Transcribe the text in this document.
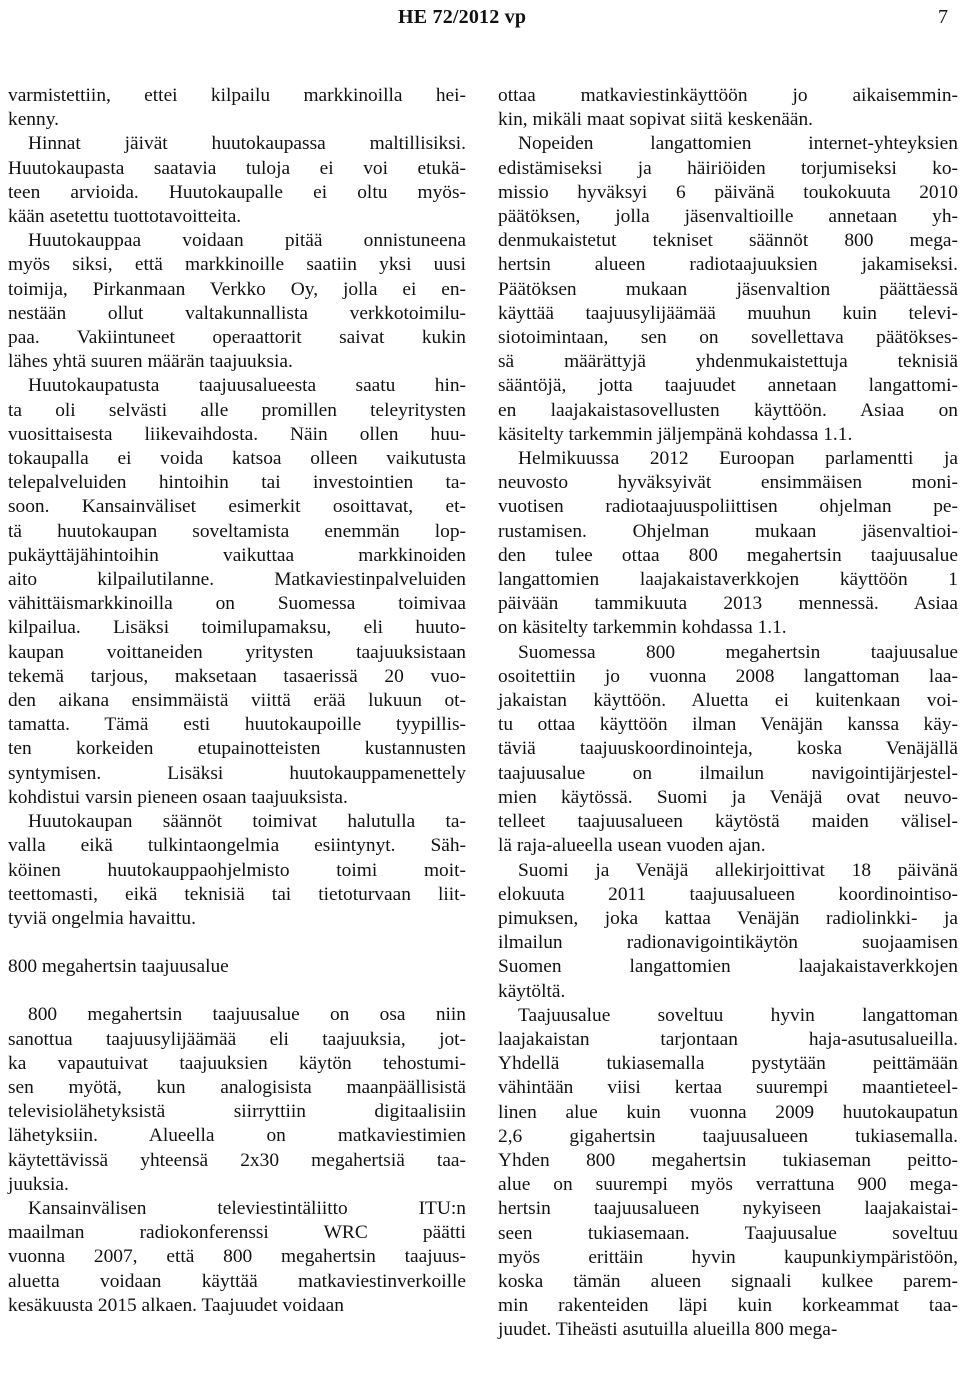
HE 72/2012 vp	7
varmistettiin, ettei kilpailu markkinoilla hei-
kenny.
Hinnat jäivät huutokaupassa maltillisiksi.
Huutokaupasta saatavia tuloja ei voi etukä-
teen arvioida. Huutokaupalle ei oltu myös-
kään asetettu tuottotavoitteita.
Huutokauppaa voidaan pitää onnistuneena
myös siksi, että markkinoille saatiin yksi uusi
toimija, Pirkanmaan Verkko Oy, jolla ei en-
nestään ollut valtakunnallista verkkotoimilu-
paa. Vakiintuneet operaattorit saivat kukin
lähes yhtä suuren määrän taajuuksia.
Huutokaupatusta taajuusalueesta saatu hin-
ta oli selvästi alle promillen teleyritysten
vuosittaisesta liikevaihdosta. Näin ollen huu-
tokaupalla ei voida katsoa olleen vaikutusta
telepalveluiden hintoihin tai investointien ta-
soon. Kansainväliset esimerkit osoittavat, et-
tä huutokaupan soveltamista enemmän lop-
pukäyttäjähintoihin vaikuttaa markkinoiden
aito kilpailutilanne. Matkaviestinpalveluiden
vähittäismarkkinoilla on Suomessa toimivaa
kilpailua. Lisäksi toimilupamaksu, eli huuto-
kaupan voittaneiden yritysten taajuuksistaan
tekemä tarjous, maksetaan tasaerissä 20 vuo-
den aikana ensimmäistä viittä erää lukuun ot-
tamatta. Tämä esti huutokaupoille tyypillis-
ten korkeiden etupainotteisten kustannusten
syntymisen. Lisäksi huutokauppamenettely
kohdistui varsin pieneen osaan taajuuksista.
Huutokaupan säännöt toimivat halutulla ta-
valla eikä tulkintaongelmia esiintynyt. Säh-
köinen huutokauppaohjelmisto toimi moit-
teettomasti, eikä teknisiä tai tietoturvaan liit-
tyviä ongelmia havaittu.
800 megahertsin taajuusalue
800 megahertsin taajuusalue on osa niin
sanottua taajuusylijäämää eli taajuuksia, jot-
ka vapautuivat taajuuksien käytön tehostumi-
sen myötä, kun analogisista maanpäällisistä
televisiolähetyksistä siirryttiin digitaalisiin
lähetyksiin. Alueella on matkaviestimien
käytettävissä yhteensä 2x30 megahertsiä taa-
juuksia.
Kansainvälisen televiestintäliitto ITU:n
maailman radiokonferenssi WRC päätti
vuonna 2007, että 800 megahertsin taajuus-
aluetta voidaan käyttää matkaviestinverkoille
kesäkuusta 2015 alkaen. Taajuudet voidaan
ottaa matkaviestinkäyttöön jo aikaisemmin-
kin, mikäli maat sopivat siitä keskenään.
Nopeiden langattomien internet-yhteyksien
edistämiseksi ja häiriöiden torjumiseksi ko-
missio hyväksyi 6 päivänä toukokuuta 2010
päätöksen, jolla jäsenvaltioille annetaan yh-
denmukaistetut tekniset säännöt 800 mega-
hertsin alueen radiotaajuuksien jakamiseksi.
Päätöksen mukaan jäsenvaltion päättäessä
käyttää taajuusylijäämää muuhun kuin televi-
siotoimintaan, sen on sovellettava päätökses-
sä määrättyjä yhdenmukaistettuja teknisiä
sääntöjä, jotta taajuudet annetaan langattomi-
en laajakaistasovellusten käyttöön. Asiaa on
käsitelty tarkemmin jäljempänä kohdassa 1.1.
Helmikuussa 2012 Euroopan parlamentti ja
neuvosto hyväksyivät ensimmäisen moni-
vuotisen radiotaajuuspoliittisen ohjelman pe-
rustamisen. Ohjelman mukaan jäsenvaltioi-
den tulee ottaa 800 megahertsin taajuusalue
langattomien laajakaistaverkkojen käyttöön 1
päivään tammikuuta 2013 mennessä. Asiaa
on käsitelty tarkemmin kohdassa 1.1.
Suomessa 800 megahertsin taajuusalue
osoitettiin jo vuonna 2008 langattoman laa-
jakaistan käyttöön. Aluetta ei kuitenkaan voi-
tu ottaa käyttöön ilman Venäjän kanssa käy-
täviä taajuuskoordinointeja, koska Venäjällä
taajuusalue on ilmailun navigointijärjestel-
mien käytössä. Suomi ja Venäjä ovat neuvo-
telleet taajuusalueen käytöstä maiden välisel-
lä raja-alueella usean vuoden ajan.
Suomi ja Venäjä allekirjoittivat 18 päivänä
elokuuta 2011 taajuusalueen koordinointiso-
pimuksen, joka kattaa Venäjän radiolinkki- ja
ilmailun radionavigointikäytön suojaamisen
Suomen langattomien laajakaistaverkkojen
käytöltä.
Taajuusalue soveltuu hyvin langattoman
laajakaistan tarjontaan haja-asutusalueilla.
Yhdellä tukiasemalla pystytään peittämään
vähintään viisi kertaa suurempi maantieteel-
linen alue kuin vuonna 2009 huutokaupatun
2,6 gigahertsin taajuusalueen tukiasemalla.
Yhden 800 megahertsin tukiaseman peitto-
alue on suurempi myös verrattuna 900 mega-
hertsin taajuusalueen nykyiseen laajakaistai-
seen tukiasemaan. Taajuusalue soveltuu
myös erittäin hyvin kaupunkiympäristöön,
koska tämän alueen signaali kulkee parem-
min rakenteiden läpi kuin korkeammat taa-
juudet. Tiheästi asutuilla alueilla 800 mega-
